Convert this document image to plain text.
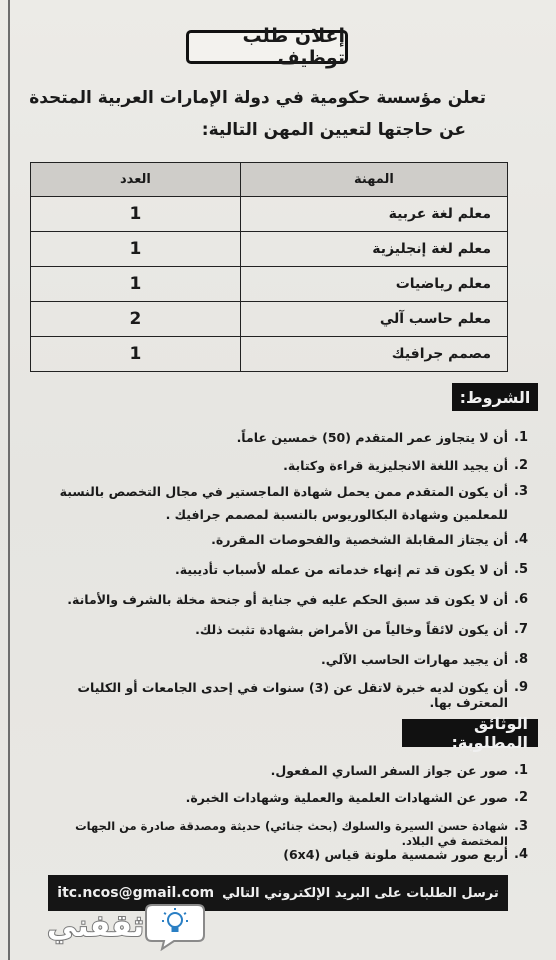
إعلان طلب توظيف
تعلن مؤسسة حكومية في دولة الإمارات العربية المتحدة
عن حاجتها لتعيين المهن التالية:
المهنة	العدد
معلم لغة عربية	1
معلم لغة إنجليزية	1
معلم رياضيات	1
معلم حاسب آلي	2
مصمم جرافيك	1
الشروط:
1.
أن لا يتجاوز عمر المتقدم (50) خمسين عاماً.
2.
أن يجيد اللغة الانجليزية قراءة وكتابة.
3.
أن يكون المتقدم ممن يحمل شهادة الماجستير في مجال التخصص بالنسبة للمعلمين وشهادة البكالوريوس بالنسبة لمصمم جرافيك .
4.
أن يجتاز المقابلة الشخصية والفحوصات المقررة.
5.
أن لا يكون قد تم إنهاء خدماته من عمله لأسباب تأديبية.
6.
أن لا يكون قد سبق الحكم عليه في جناية أو جنحة مخلة بالشرف والأمانة.
7.
أن يكون لائقاً وخالياً من الأمراض بشهادة تثبت ذلك.
8.
أن يجيد مهارات الحاسب الآلي.
9.
أن يكون لديه خبرة لاتقل عن (3) سنوات في إحدى الجامعات أو الكليات المعترف بها.
الوثائق المطلوبة:
1.
صور عن جواز السفر الساري المفعول.
2.
صور عن الشهادات العلمية والعملية وشهادات الخبرة.
3.
شهادة حسن السيرة والسلوك (بحث جنائي) حديثة ومصدقة صادرة من الجهات المختصة في البلاد.
4.
أربع صور شمسية ملونة قياس (6x4)
ترسل الطلبات على البريد الإلكتروني التالي
itc.ncos@gmail.com
ثقفني
